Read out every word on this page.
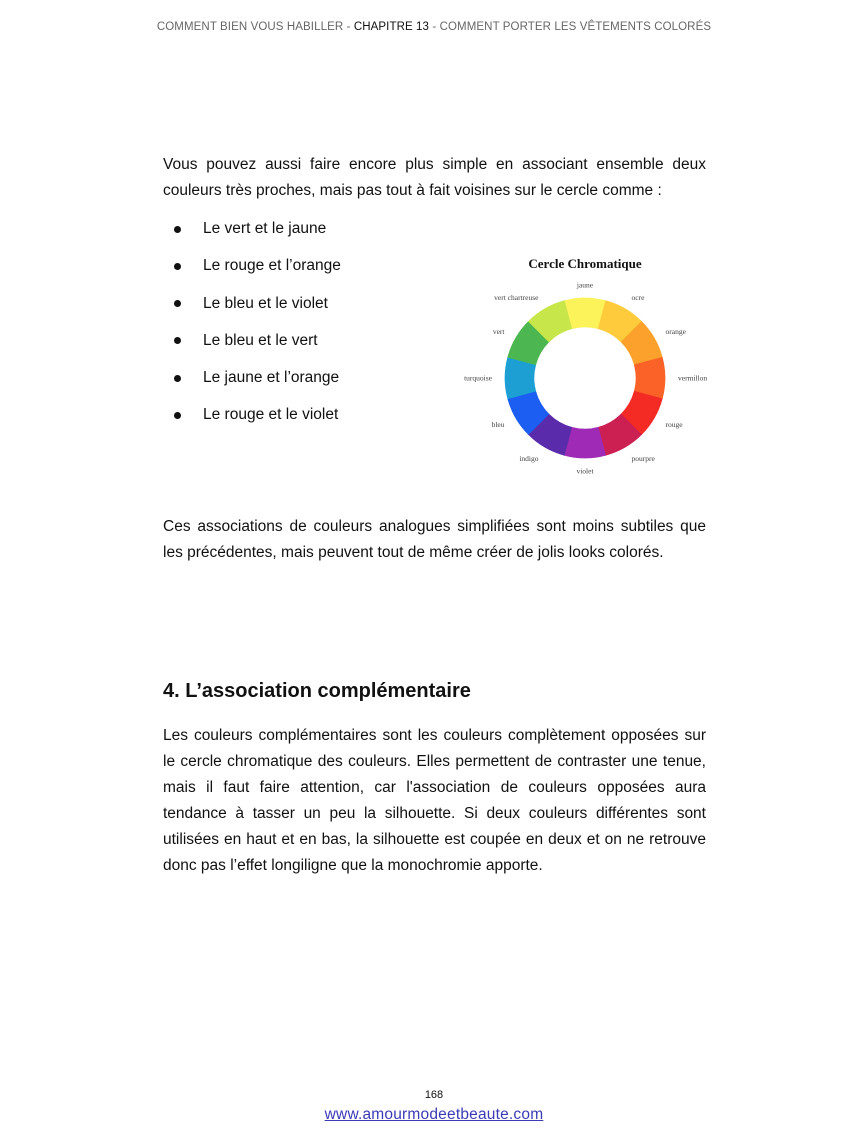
COMMENT BIEN VOUS HABILLER - CHAPITRE 13 - COMMENT PORTER LES VÊTEMENTS COLORÉS

Vous pouvez aussi faire encore plus simple en associant ensemble deux couleurs très proches, mais pas tout à fait voisines sur le cercle comme :

Le vert et le jaune
Le rouge et l’orange
Le bleu et le violet
Le bleu et le vert
Le jaune et l’orange
Le rouge et le violet
Cercle Chromatique
jaune
ocre
orange
vermillon
rouge
pourpre
violet
indigo
bleu
turquoise
vert
vert chartreuse

Ces associations de couleurs analogues simplifiées sont moins subtiles que les précédentes, mais peuvent tout de même créer de jolis looks colorés.

4. L’association complémentaire

Les couleurs complémentaires sont les couleurs complètement opposées sur le cercle chromatique des couleurs. Elles permettent de contraster une tenue, mais il faut faire attention, car l'association de couleurs opposées aura tendance à tasser un peu la silhouette. Si deux couleurs différentes sont utilisées en haut et en bas, la silhouette est coupée en deux et on ne retrouve donc pas l’effet longiligne que la monochromie apporte.

168
www.amourmodeetbeaute.com
